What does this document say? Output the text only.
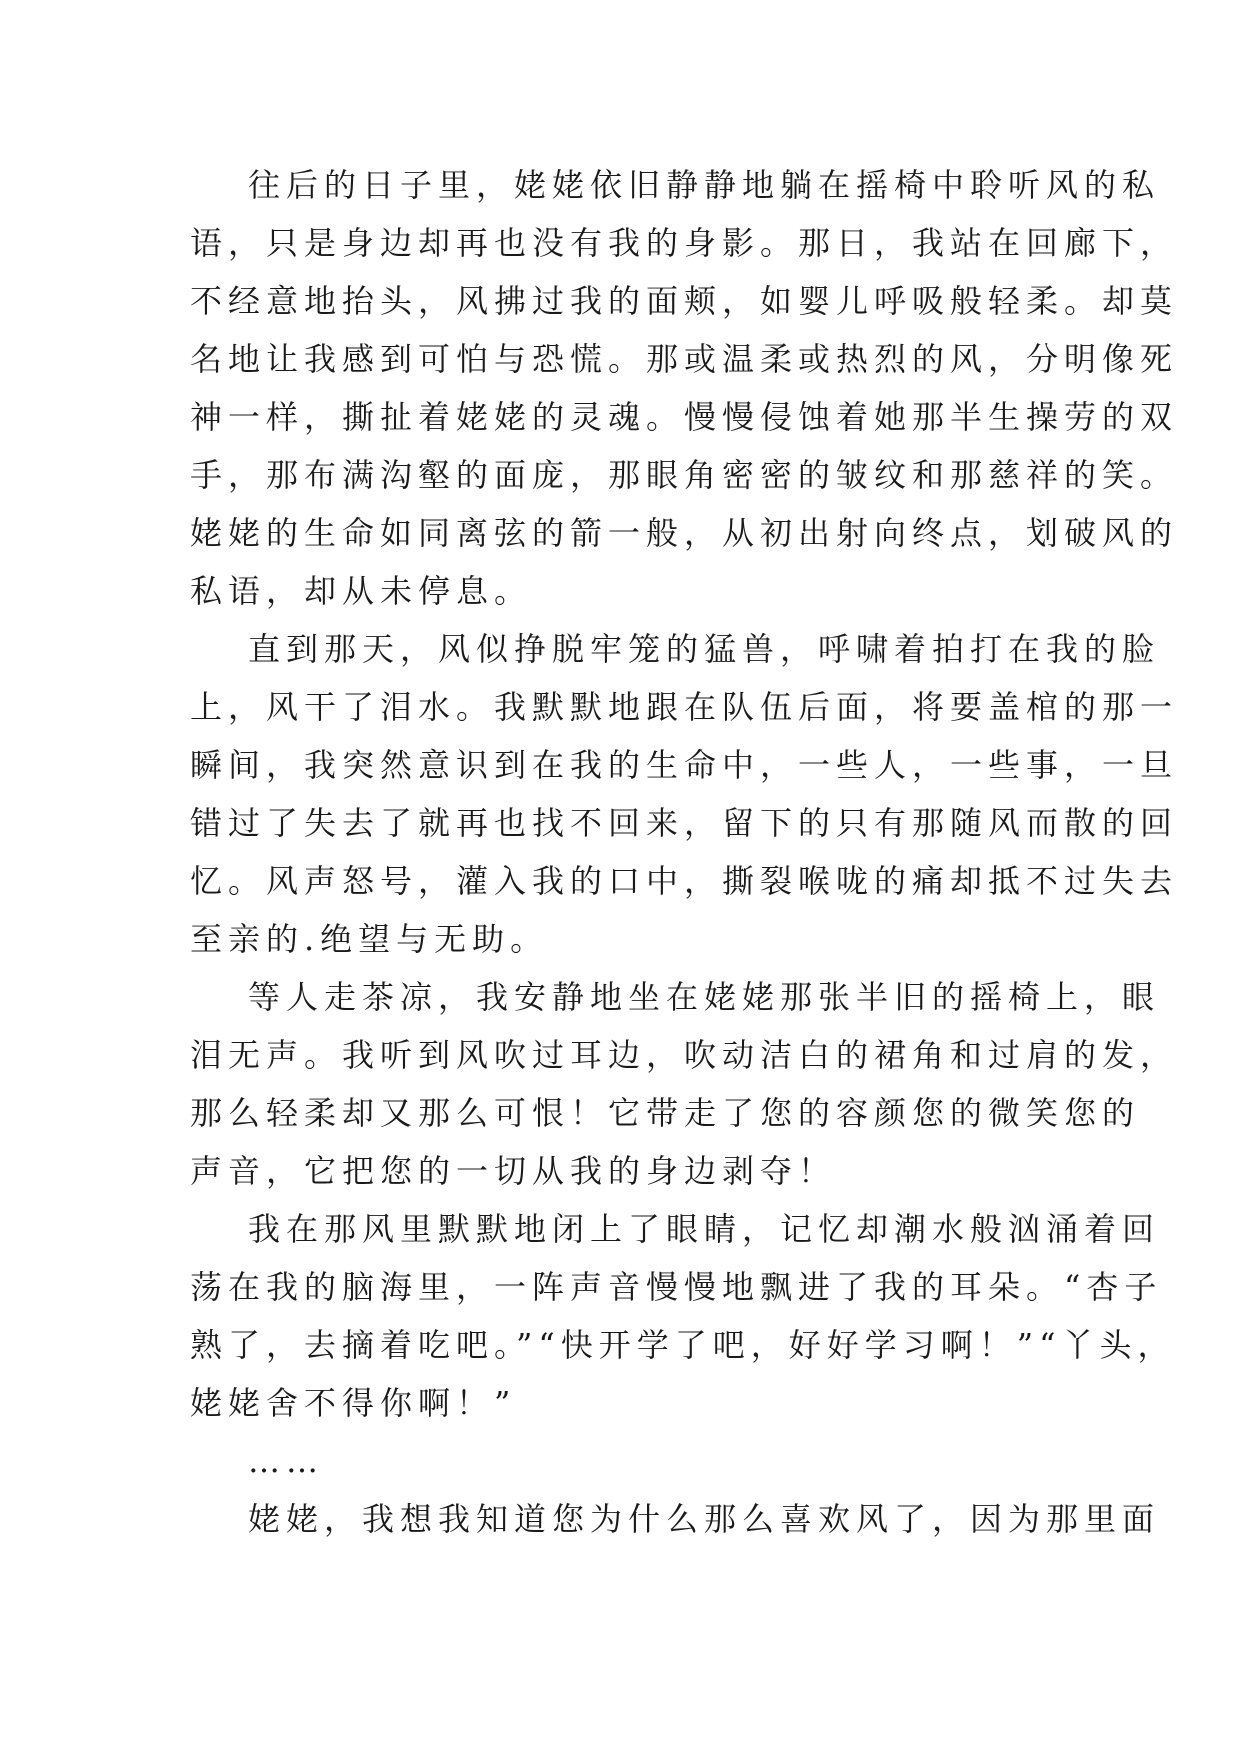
往后的日子里，姥姥依旧静静地躺在摇椅中聆听风的私
语，只是身边却再也没有我的身影。那日，我站在回廊下，
不经意地抬头，风拂过我的面颊，如婴儿呼吸般轻柔。却莫
名地让我感到可怕与恐慌。那或温柔或热烈的风，分明像死
神一样，撕扯着姥姥的灵魂。慢慢侵蚀着她那半生操劳的双
手，那布满沟壑的面庞，那眼角密密的皱纹和那慈祥的笑。
姥姥的生命如同离弦的箭一般，从初出射向终点，划破风的
私语，却从未停息。
直到那天，风似挣脱牢笼的猛兽，呼啸着拍打在我的脸
上，风干了泪水。我默默地跟在队伍后面，将要盖棺的那一
瞬间，我突然意识到在我的生命中，一些人，一些事，一旦
错过了失去了就再也找不回来，留下的只有那随风而散的回
忆。风声怒号，灌入我的口中，撕裂喉咙的痛却抵不过失去
至亲的.绝望与无助。
等人走茶凉，我安静地坐在姥姥那张半旧的摇椅上，眼
泪无声。我听到风吹过耳边，吹动洁白的裙角和过肩的发，
那么轻柔却又那么可恨！它带走了您的容颜您的微笑您的
声音，它把您的一切从我的身边剥夺！
我在那风里默默地闭上了眼睛，记忆却潮水般汹涌着回
荡在我的脑海里，一阵声音慢慢地飘进了我的耳朵。“杏子
熟了，去摘着吃吧。”“快开学了吧，好好学习啊！”“丫头，
姥姥舍不得你啊！”
……
姥姥，我想我知道您为什么那么喜欢风了，因为那里面
